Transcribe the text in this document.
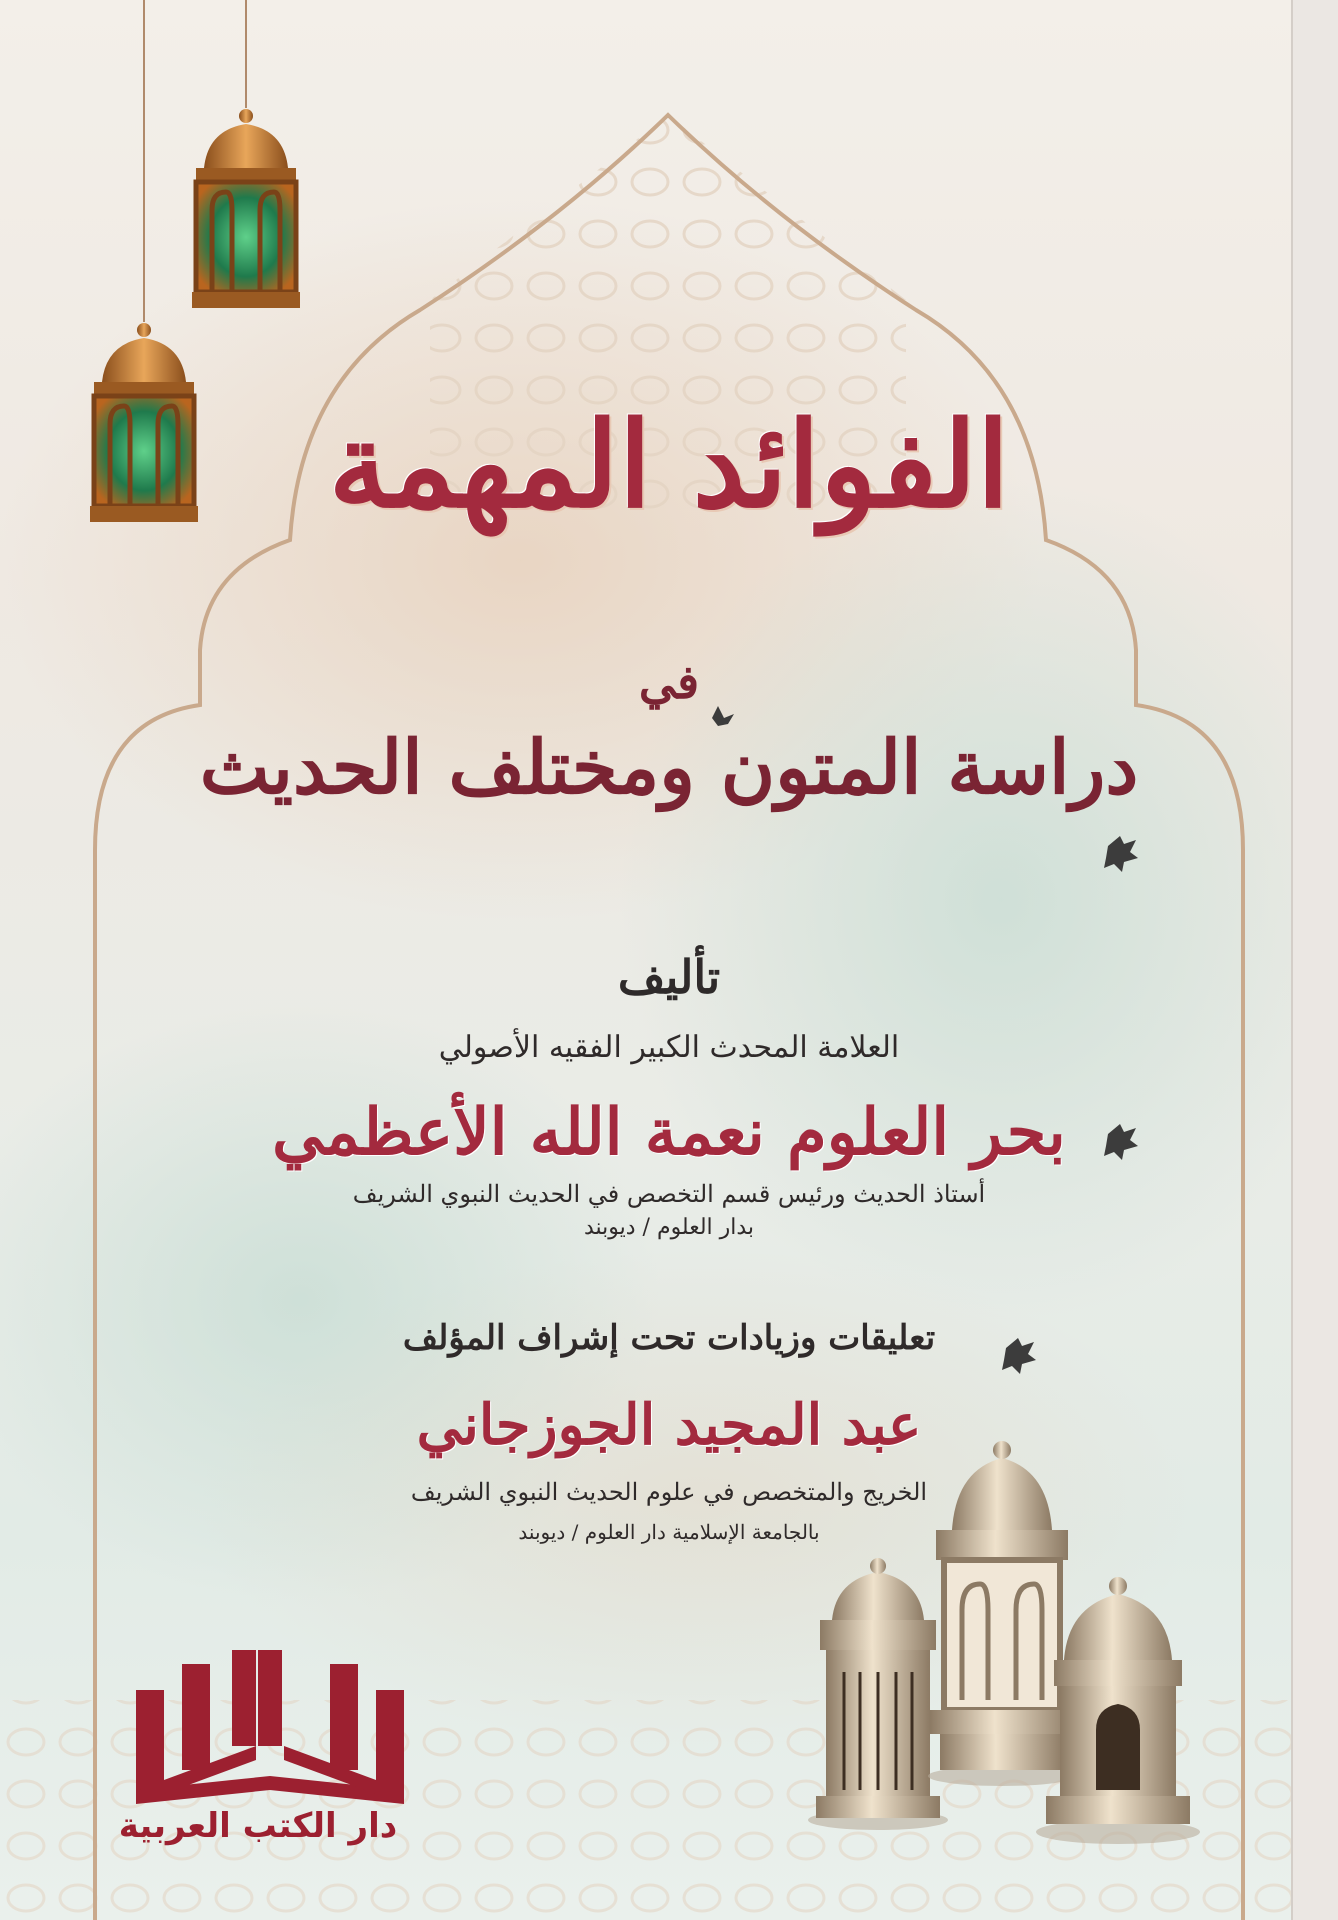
الفوائد المهمة
في
دراسة المتون ومختلف الحديث
تأليف
العلامة المحدث الكبير الفقيه الأصولي
بحر العلوم نعمة الله الأعظمي
أستاذ الحديث ورئيس قسم التخصص في الحديث النبوي الشريف
بدار العلوم / ديوبند
تعليقات وزيادات تحت إشراف المؤلف
عبد المجيد الجوزجاني
الخريج والمتخصص في علوم الحديث النبوي الشريف
بالجامعة الإسلامية دار العلوم / ديوبند
دار الكتب العربية
